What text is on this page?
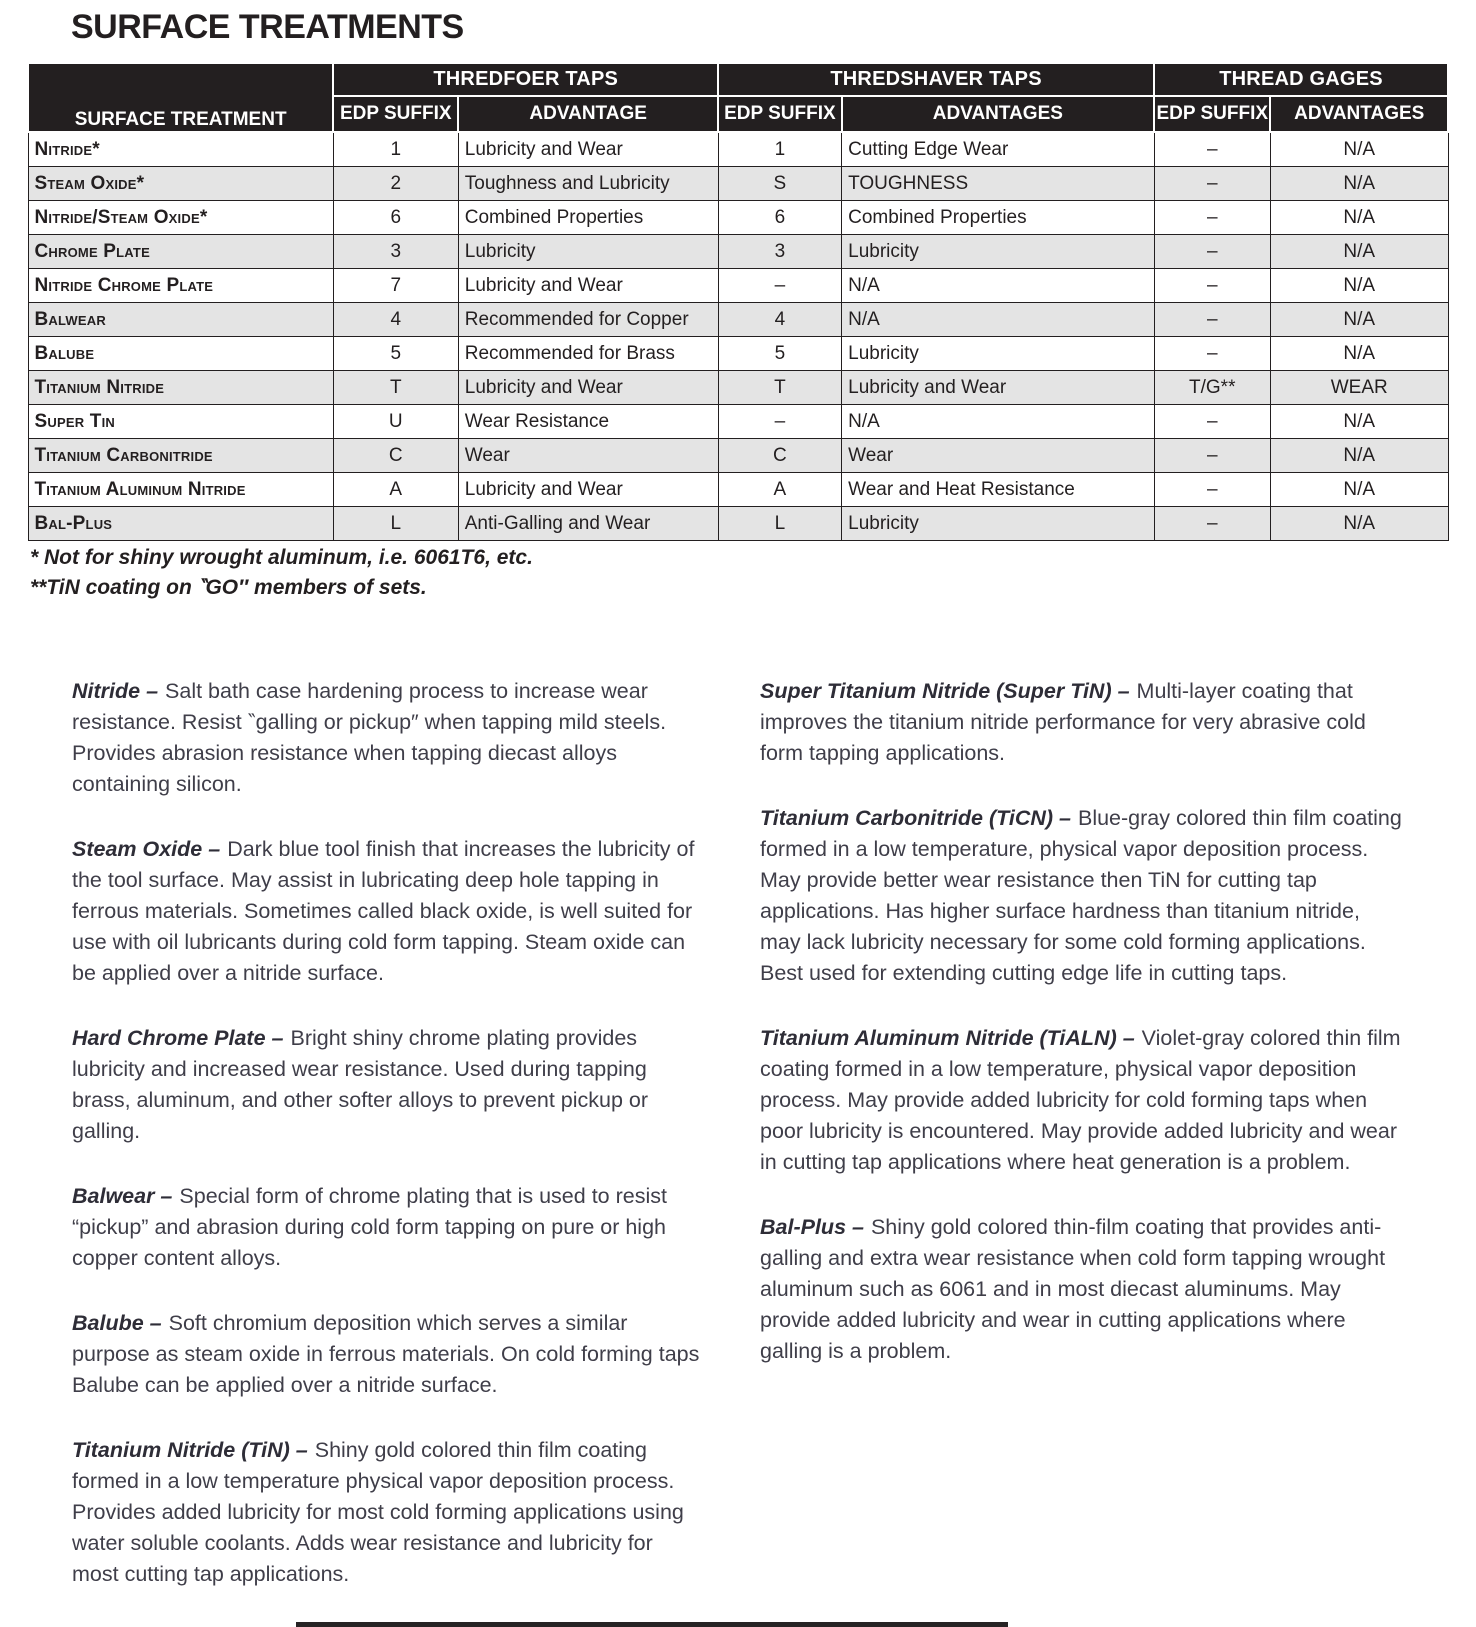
SURFACE TREATMENTS
SURFACE TREATMENT	THREDFOER TAPS		THREDSHAVER TAPS		THREAD GAGES	
	EDP SUFFIX	ADVANTAGE	EDP SUFFIX	ADVANTAGES	EDP SUFFIX	ADVANTAGES
Nitride*	1	Lubricity and Wear	1	Cutting Edge Wear	–	N/A
Steam Oxide*	2	Toughness and Lubricity	S	TOUGHNESS	–	N/A
Nitride/Steam Oxide*	6	Combined Properties	6	Combined Properties	–	N/A
Chrome Plate	3	Lubricity	3	Lubricity	–	N/A
Nitride Chrome Plate	7	Lubricity and Wear	–	N/A	–	N/A
Balwear	4	Recommended for Copper	4	N/A	–	N/A
Balube	5	Recommended for Brass	5	Lubricity	–	N/A
Titanium Nitride	T	Lubricity and Wear	T	Lubricity and Wear	T/G**	WEAR
Super Tin	U	Wear Resistance	–	N/A	–	N/A
Titanium Carbonitride	C	Wear	C	Wear	–	N/A
Titanium Aluminum Nitride	A	Lubricity and Wear	A	Wear and Heat Resistance	–	N/A
Bal-Plus	L	Anti-Galling and Wear	L	Lubricity	–	N/A
* Not for shiny wrought aluminum, i.e. 6061T6, etc.
**TiN coating on ‶GO″ members of sets.

Nitride – Salt bath case hardening process to increase wear resistance. Resist ‶galling or pickup″ when tapping mild steels. Provides abrasion resistance when tapping diecast alloys containing silicon.

Steam Oxide – Dark blue tool finish that increases the lubricity of the tool surface. May assist in lubricating deep hole tapping in ferrous materials. Sometimes called black oxide, is well suited for use with oil lubricants during cold form tapping. Steam oxide can be applied over a nitride surface.

Hard Chrome Plate – Bright shiny chrome plating provides lubricity and increased wear resistance. Used during tapping brass, aluminum, and other softer alloys to prevent pickup or galling.

Balwear – Special form of chrome plating that is used to resist “pickup” and abrasion during cold form tapping on pure or high copper content alloys.

Balube – Soft chromium deposition which serves a similar purpose as steam oxide in ferrous materials. On cold forming taps Balube can be applied over a nitride surface.

Titanium Nitride (TiN) – Shiny gold colored thin film coating formed in a low temperature physical vapor deposition process. Provides added lubricity for most cold forming applications using water soluble coolants. Adds wear resistance and lubricity for most cutting tap applications.

Super Titanium Nitride (Super TiN) – Multi-layer coating that improves the titanium nitride performance for very abrasive cold form tapping applications.

Titanium Carbonitride (TiCN) – Blue-gray colored thin film coating formed in a low temperature, physical vapor deposition process. May provide better wear resistance then TiN for cutting tap applications. Has higher surface hardness than titanium nitride, may lack lubricity necessary for some cold forming applications. Best used for extending cutting edge life in cutting taps.

Titanium Aluminum Nitride (TiALN) – Violet-gray colored thin film coating formed in a low temperature, physical vapor deposition process. May provide added lubricity for cold forming taps when poor lubricity is encountered. May provide added lubricity and wear in cutting tap applications where heat generation is a problem.

Bal-Plus – Shiny gold colored thin-film coating that provides anti-galling and extra wear resistance when cold form tapping wrought aluminum such as 6061 and in most diecast aluminums. May provide added lubricity and wear in cutting applications where galling is a problem.
